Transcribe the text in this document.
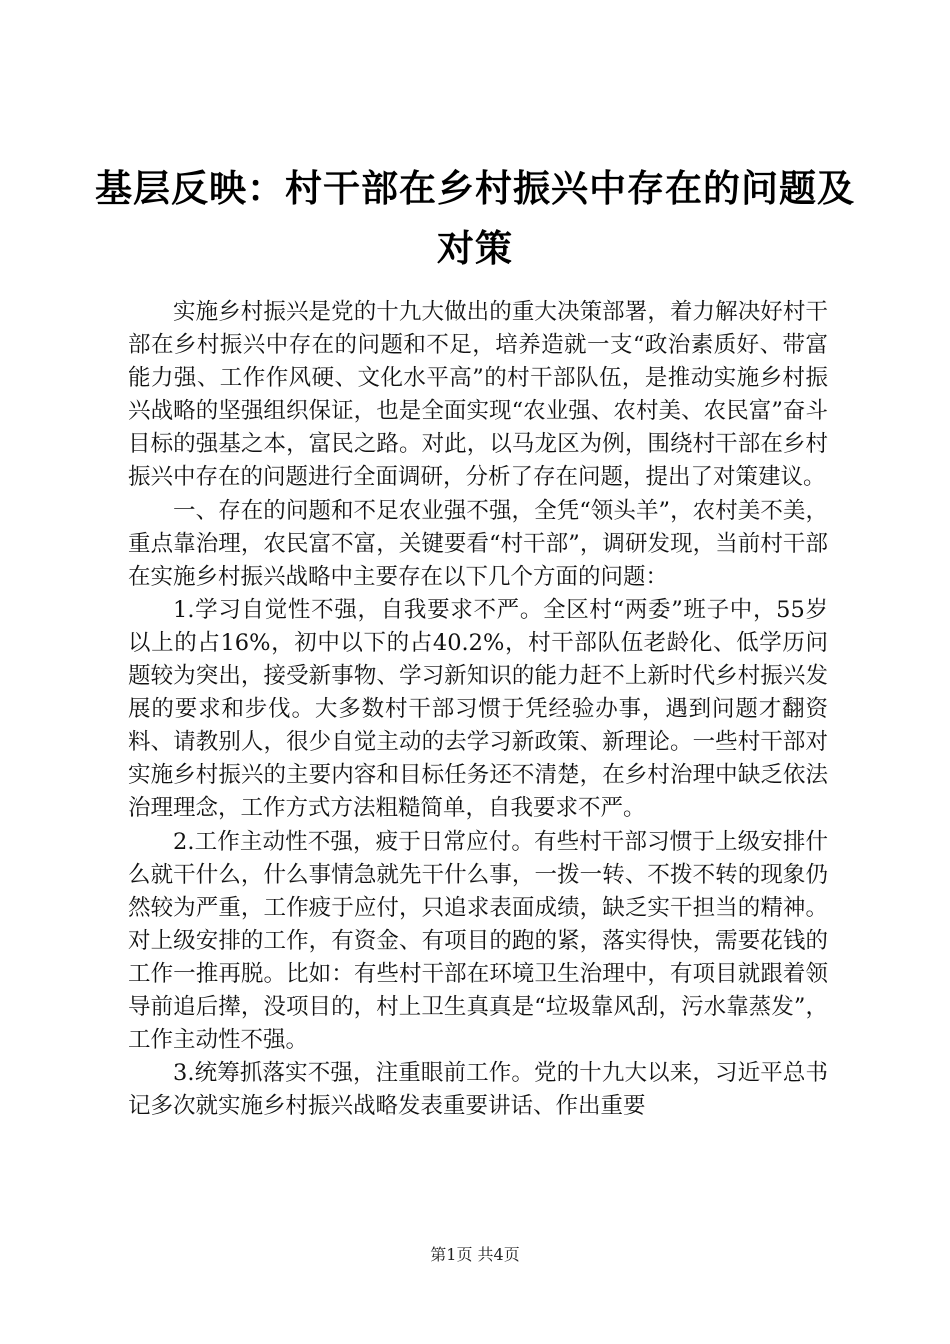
基层反映：村干部在乡村振兴中存在的问题及
对策

实施乡村振兴是党的十九大做出的重大决策部署，着力解决好村干部在乡村振兴中存在的问题和不足，培养造就一支“政治素质好、带富能力强、工作作风硬、文化水平高”的村干部队伍，是推动实施乡村振兴战略的坚强组织保证，也是全面实现“农业强、农村美、农民富”奋斗目标的强基之本，富民之路。对此，以马龙区为例，围绕村干部在乡村振兴中存在的问题进行全面调研，分析了存在问题，提出了对策建议。

一、存在的问题和不足农业强不强，全凭“领头羊”，农村美不美，重点靠治理，农民富不富，关键要看“村干部”，调研发现，当前村干部在实施乡村振兴战略中主要存在以下几个方面的问题：

1.学习自觉性不强，自我要求不严。全区村“两委”班子中，55岁以上的占16%，初中以下的占40.2%，村干部队伍老龄化、低学历问题较为突出，接受新事物、学习新知识的能力赶不上新时代乡村振兴发展的要求和步伐。大多数村干部习惯于凭经验办事，遇到问题才翻资料、请教别人，很少自觉主动的去学习新政策、新理论。一些村干部对实施乡村振兴的主要内容和目标任务还不清楚，在乡村治理中缺乏依法治理理念，工作方式方法粗糙简单，自我要求不严。

2.工作主动性不强，疲于日常应付。有些村干部习惯于上级安排什么就干什么，什么事情急就先干什么事，一拨一转、不拨不转的现象仍然较为严重，工作疲于应付，只追求表面成绩，缺乏实干担当的精神。对上级安排的工作，有资金、有项目的跑的紧，落实得快，需要花钱的工作一推再脱。比如：有些村干部在环境卫生治理中，有项目就跟着领导前追后撵，没项目的，村上卫生真真是“垃圾靠风刮，污水靠蒸发”，工作主动性不强。

3.统筹抓落实不强，注重眼前工作。党的十九大以来，习近平总书记多次就实施乡村振兴战略发表重要讲话、作出重要

第1页 共4页
